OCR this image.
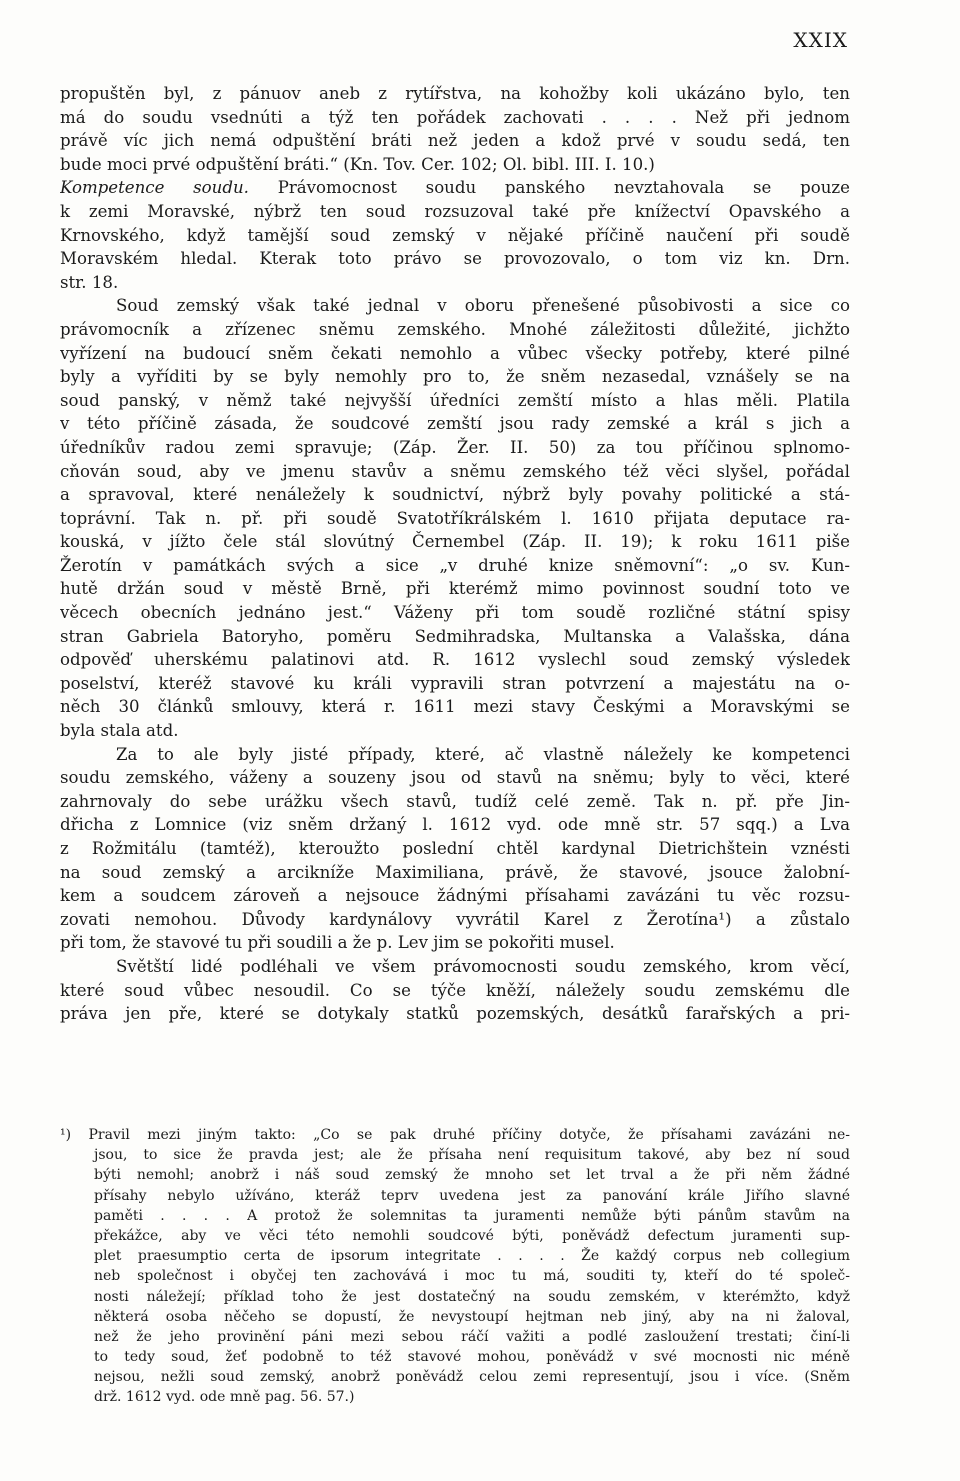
XXIX
propuštěn byl, z pánuov aneb z rytířstva, na kohožby koli ukázáno bylo, ten
má do soudu vsednúti a týž ten pořádek zachovati . . . . Než při jednom
právě víc jich nemá odpuštění bráti než jeden a kdož prvé v soudu sedá, ten
bude moci prvé odpuštění bráti.“ (Kn. Tov. Cer. 102; Ol. bibl. III. I. 10.)
Kompetence soudu. Právomocnost soudu panského nevztahovala se pouze
k zemi Moravské, nýbrž ten soud rozsuzoval také pře knížectví Opavského a
Krnovského, když tamější soud zemský v nějaké příčině naučení při soudě
Moravském hledal. Kterak toto právo se provozovalo, o tom viz kn. Drn.
str. 18.
Soud zemský však také jednal v oboru přenešené působivosti a sice co
právomocník a zřízenec sněmu zemského. Mnohé záležitosti důležité, jichžto
vyřízení na budoucí sněm čekati nemohlo a vůbec všecky potřeby, které pilné
byly a vyříditi by se byly nemohly pro to, že sněm nezasedal, vznášely se na
soud panský, v němž také nejvyšší úředníci zemští místo a hlas měli. Platila
v této příčině zásada, že soudcové zemští jsou rady zemské a král s jich a
úředníkův radou zemi spravuje; (Záp. Žer. II. 50) za tou příčinou splnomo-
cňován soud, aby ve jmenu stavův a sněmu zemského též věci slyšel, pořádal
a spravoval, které nenáležely k soudnictví, nýbrž byly povahy politické a stá-
toprávní. Tak n. př. při soudě Svatotříkrálském l. 1610 přijata deputace ra-
kouská, v jížto čele stál slovútný Černembel (Záp. II. 19); k roku 1611 piše
Žerotín v památkách svých a sice „v druhé knize sněmovní“: „o sv. Kun-
hutě držán soud v městě Brně, při kterémž mimo povinnost soudní toto ve
věcech obecních jednáno jest.“ Váženy při tom soudě rozličné státní spisy
stran Gabriela Batoryho, poměru Sedmihradska, Multanska a Valašska, dána
odpověď uherskému palatinovi atd. R. 1612 vyslechl soud zemský výsledek
poselství, kteréž stavové ku králi vypravili stran potvrzení a majestátu na o-
něch 30 článků smlouvy, která r. 1611 mezi stavy Českými a Moravskými se
byla stala atd.
Za to ale byly jisté případy, které, ač vlastně náležely ke kompetenci
soudu zemského, váženy a souzeny jsou od stavů na sněmu; byly to věci, které
zahrnovaly do sebe urážku všech stavů, tudíž celé země. Tak n. př. pře Jin-
dřicha z Lomnice (viz sněm držaný l. 1612 vyd. ode mně str. 57 sqq.) a Lva
z Rožmitálu (tamtéž), kteroužto poslední chtěl kardynal Dietrichštein vznésti
na soud zemský a arcikníže Maximiliana, právě, že stavové, jsouce žalobní-
kem a soudcem zároveň a nejsouce žádnými přísahami zavázáni tu věc rozsu-
zovati nemohou. Důvody kardynálovy vyvrátil Karel z Žerotína¹) a zůstalo
při tom, že stavové tu při soudili a že p. Lev jim se pokořiti musel.
Světští lidé podléhali ve všem právomocnosti soudu zemského, krom věcí,
které soud vůbec nesoudil. Co se týče kněží, náležely soudu zemskému dle
práva jen pře, které se dotykaly statků pozemských, desátků farařských a pri-
¹) Pravil mezi jiným takto: „Co se pak druhé příčiny dotyče, že přísahami zavázáni ne-
jsou, to sice že pravda jest; ale že přísaha není requisitum takové, aby bez ní soud
býti nemohl; anobrž i náš soud zemský že mnoho set let trval a že při něm žádné
přísahy nebylo užíváno, kteráž teprv uvedena jest za panování krále Jiřího slavné
paměti . . . . A protož že solemnitas ta juramenti nemůže býti pánům stavům na
překážce, aby ve věci této nemohli soudcové býti, poněvádž defectum juramenti sup-
plet praesumptio certa de ipsorum integritate . . . . Že každý corpus neb collegium
neb společnost i obyčej ten zachovává i moc tu má, souditi ty, kteří do té společ-
nosti náležejí; příklad toho že jest dostatečný na soudu zemském, v kterémžto, když
některá osoba něčeho se dopustí, že nevystoupí hejtman neb jiný, aby na ni žaloval,
než že jeho provinění páni mezi sebou ráčí važiti a podlé zasloužení trestati; činí-li
to tedy soud, žeť podobně to též stavové mohou, poněvádž v své mocnosti nic méně
nejsou, nežli soud zemský, anobrž poněvádž celou zemi representují, jsou i více. (Sněm
drž. 1612 vyd. ode mně pag. 56. 57.)
